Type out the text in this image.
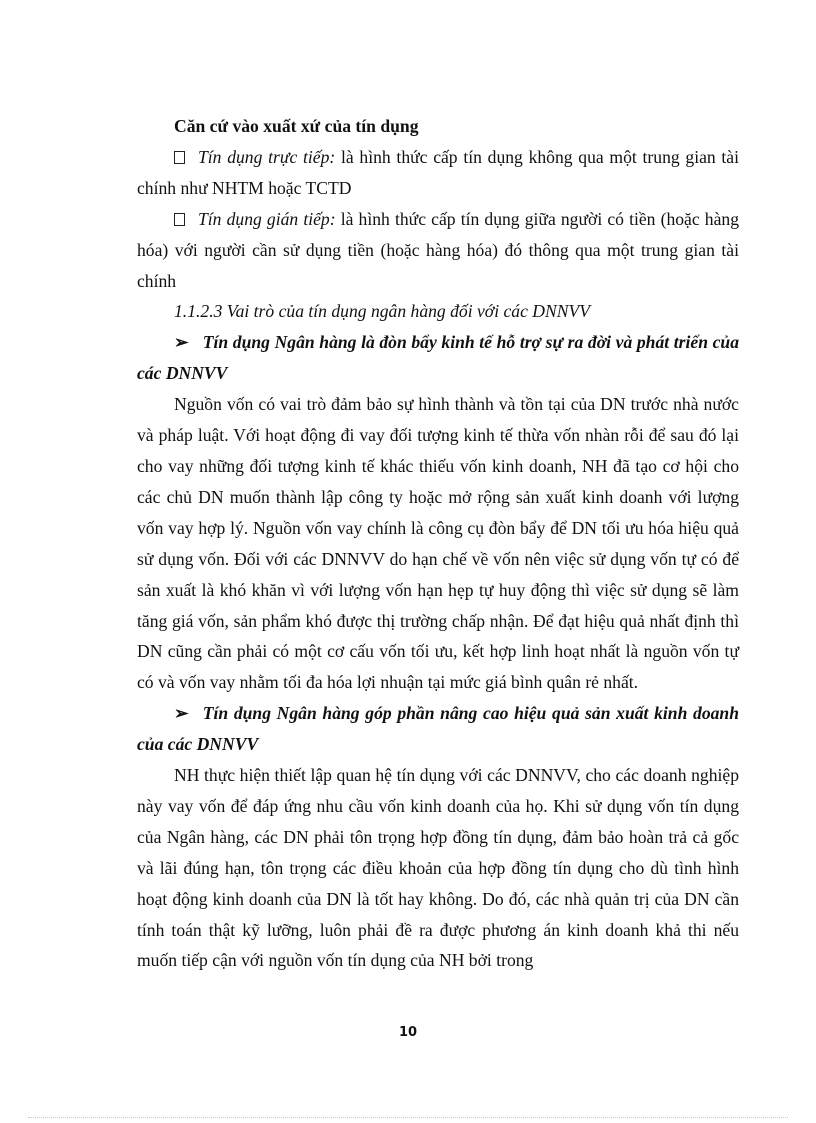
Căn cứ vào xuất xứ của tín dụng

Tín dụng trực tiếp: là hình thức cấp tín dụng không qua một trung gian tài chính như NHTM hoặc TCTD

Tín dụng gián tiếp: là hình thức cấp tín dụng giữa người có tiền (hoặc hàng hóa) với người cần sử dụng tiền (hoặc hàng hóa) đó thông qua một trung gian tài chính

1.1.2.3 Vai trò của tín dụng ngân hàng đối với các DNNVV

➢ Tín dụng Ngân hàng là đòn bẩy kinh tế hỗ trợ sự ra đời và phát triển của các DNNVV

Nguồn vốn có vai trò đảm bảo sự hình thành và tồn tại của DN trước nhà nước và pháp luật. Với hoạt động đi vay đối tượng kinh tế thừa vốn nhàn rỗi để sau đó lại cho vay những đối tượng kinh tế khác thiếu vốn kinh doanh, NH đã tạo cơ hội cho các chủ DN muốn thành lập công ty hoặc mở rộng sản xuất kinh doanh với lượng vốn vay hợp lý. Nguồn vốn vay chính là công cụ đòn bẩy để DN tối ưu hóa hiệu quả sử dụng vốn. Đối với các DNNVV do hạn chế về vốn nên việc sử dụng vốn tự có để sản xuất là khó khăn vì với lượng vốn hạn hẹp tự huy động thì việc sử dụng sẽ làm tăng giá vốn, sản phẩm khó được thị trường chấp nhận. Để đạt hiệu quả nhất định thì DN cũng cần phải có một cơ cấu vốn tối ưu, kết hợp linh hoạt nhất là nguồn vốn tự có và vốn vay nhằm tối đa hóa lợi nhuận tại mức giá bình quân rẻ nhất.

➢ Tín dụng Ngân hàng góp phần nâng cao hiệu quả sản xuất kinh doanh của các DNNVV

NH thực hiện thiết lập quan hệ tín dụng với các DNNVV, cho các doanh nghiệp này vay vốn để đáp ứng nhu cầu vốn kinh doanh của họ. Khi sử dụng vốn tín dụng của Ngân hàng, các DN phải tôn trọng hợp đồng tín dụng, đảm bảo hoàn trả cả gốc và lãi đúng hạn, tôn trọng các điều khoản của hợp đồng tín dụng cho dù tình hình hoạt động kinh doanh của DN là tốt hay không. Do đó, các nhà quản trị của DN cần tính toán thật kỹ lưỡng, luôn phải đề ra được phương án kinh doanh khả thi nếu muốn tiếp cận với nguồn vốn tín dụng của NH bởi trong

10
